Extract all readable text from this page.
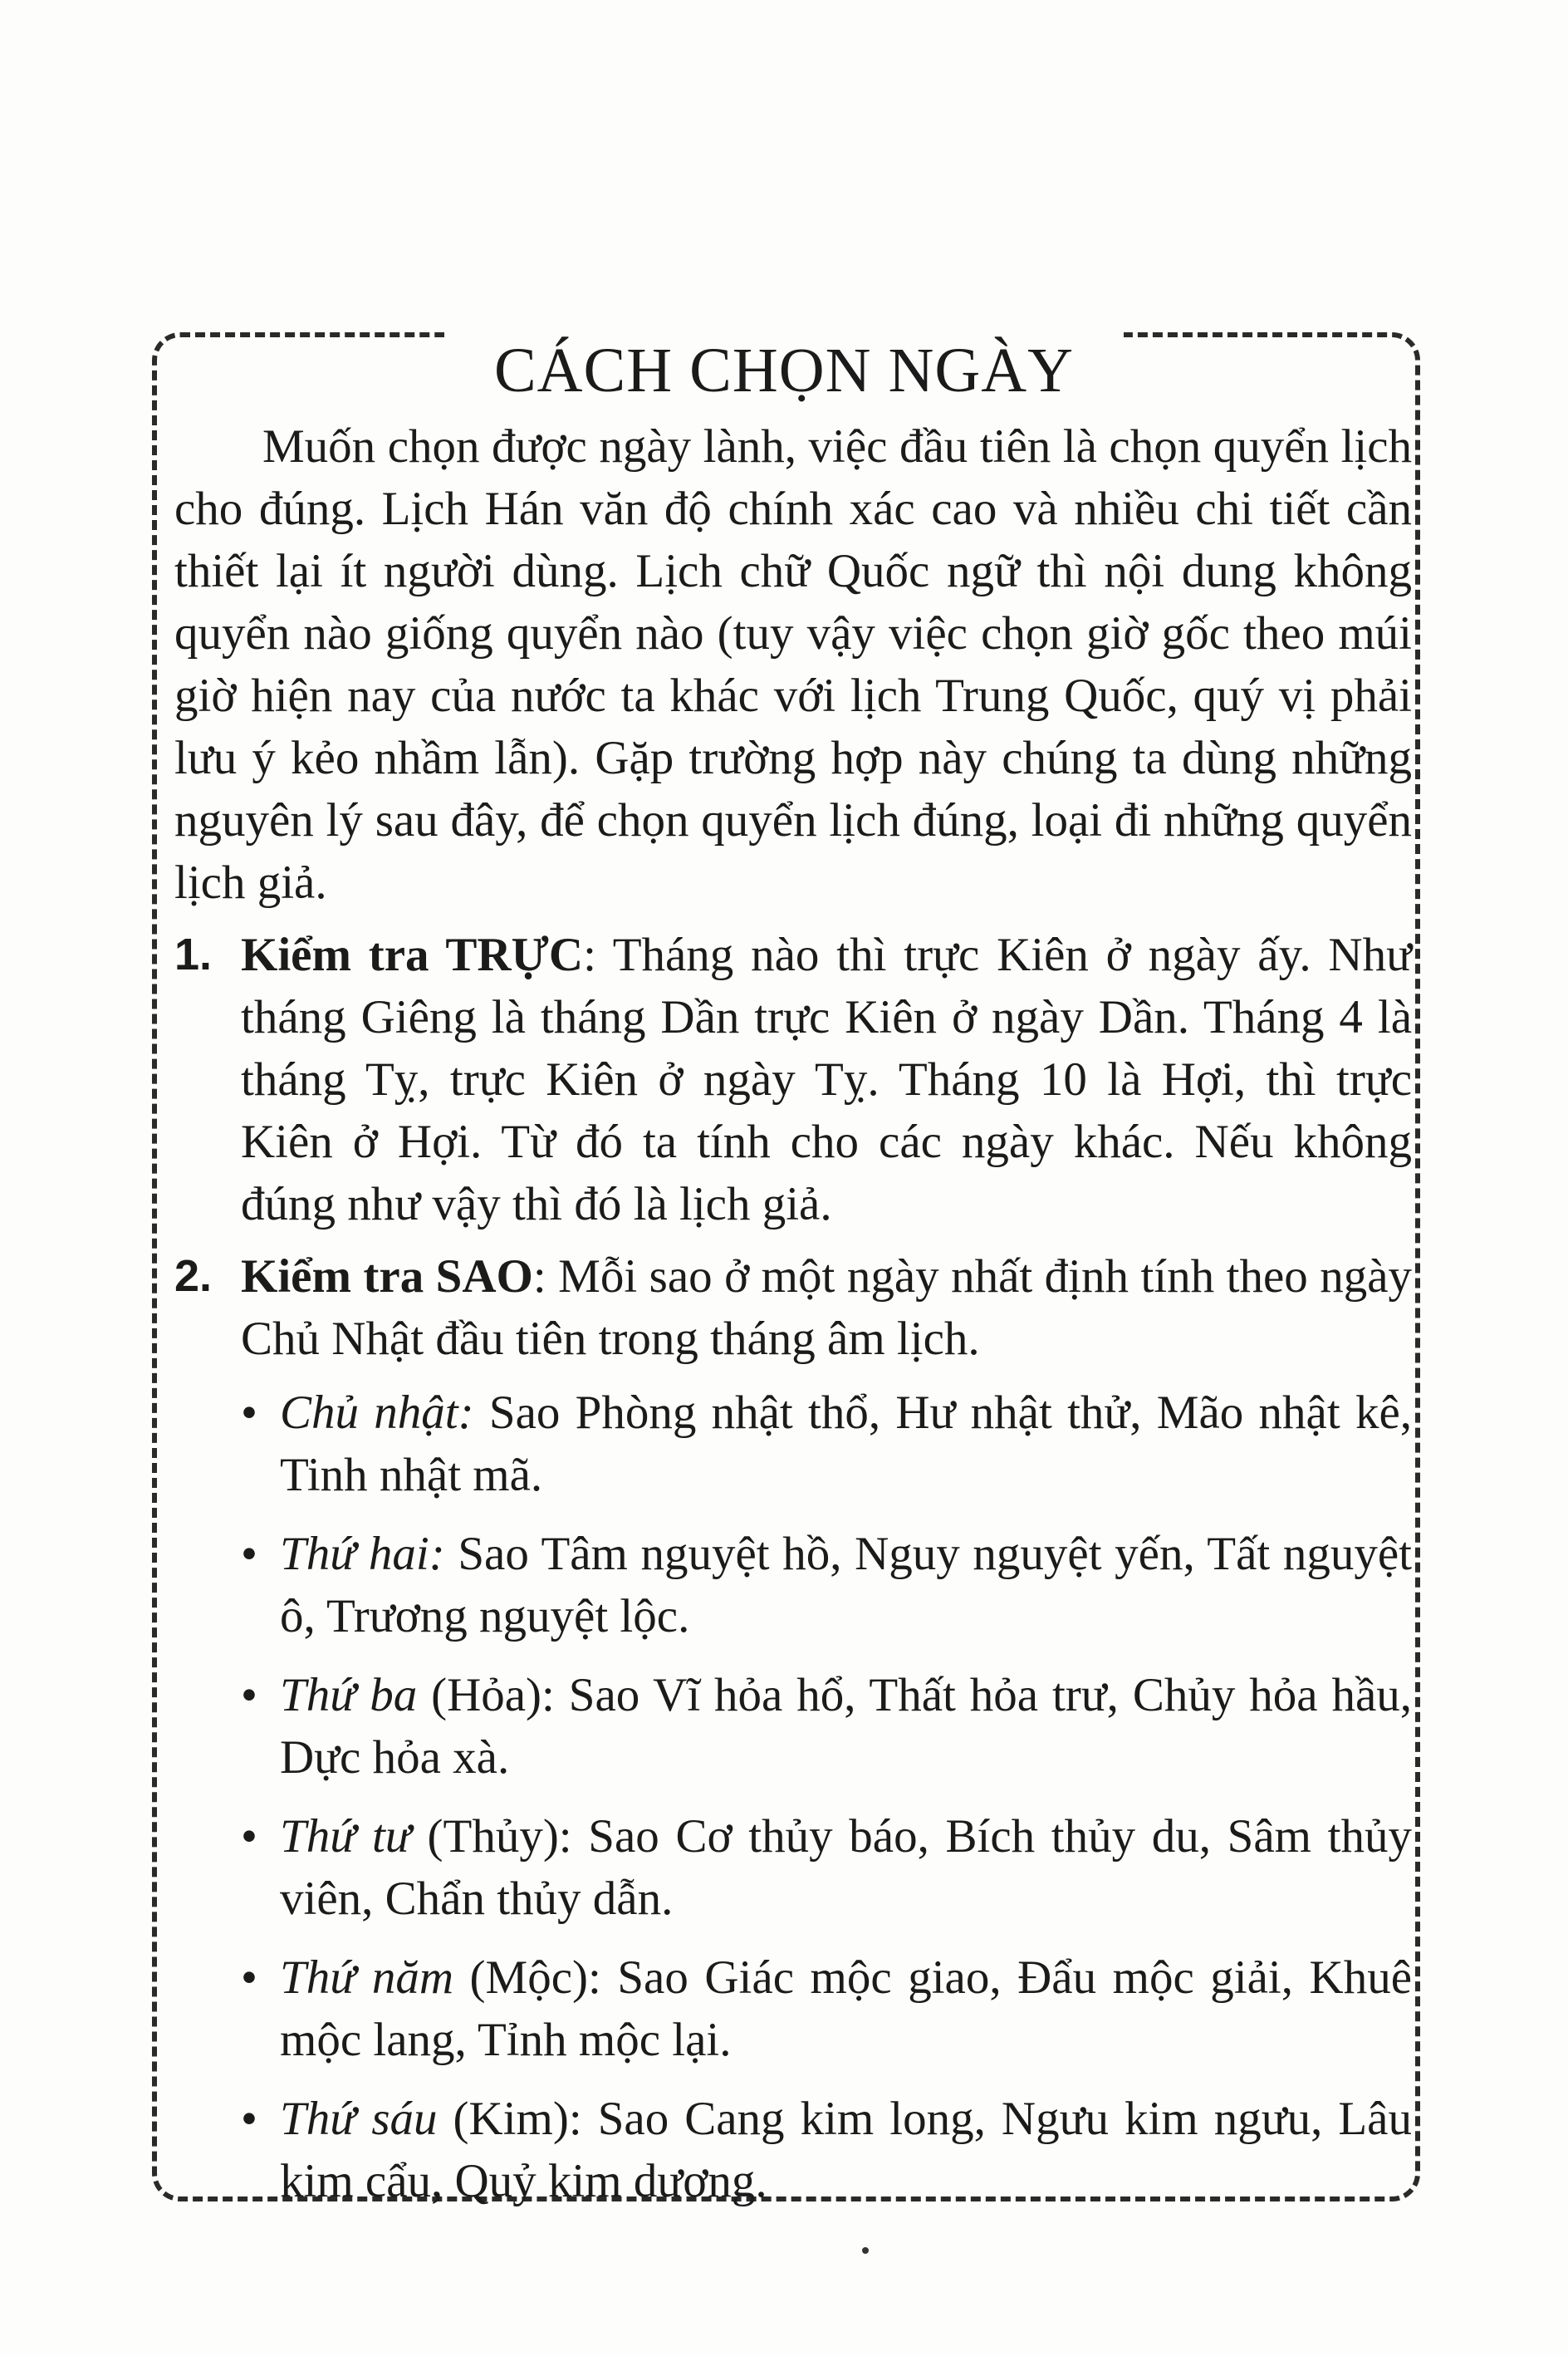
CÁCH CHỌN NGÀY

Muốn chọn được ngày lành, việc đầu tiên là chọn quyển lịch cho đúng. Lịch Hán văn độ chính xác cao và nhiều chi tiết cần thiết lại ít người dùng. Lịch chữ Quốc ngữ thì nội dung không quyển nào giống quyển nào (tuy vậy việc chọn giờ gốc theo múi giờ hiện nay của nước ta khác với lịch Trung Quốc, quý vị phải lưu ý kẻo nhầm lẫn). Gặp trường hợp này chúng ta dùng những nguyên lý sau đây, để chọn quyển lịch đúng, loại đi những quyển lịch giả.

1. Kiểm tra TRỰC: Tháng nào thì trực Kiên ở ngày ấy. Như tháng Giêng là tháng Dần trực Kiên ở ngày Dần. Tháng 4 là tháng Tỵ, trực Kiên ở ngày Tỵ. Tháng 10 là Hợi, thì trực Kiên ở Hợi. Từ đó ta tính cho các ngày khác. Nếu không đúng như vậy thì đó là lịch giả.
2. Kiểm tra SAO: Mỗi sao ở một ngày nhất định tính theo ngày Chủ Nhật đầu tiên trong tháng âm lịch.
• Chủ nhật: Sao Phòng nhật thổ, Hư nhật thử, Mão nhật kê, Tinh nhật mã.
• Thứ hai: Sao Tâm nguyệt hồ, Nguy nguyệt yến, Tất nguyệt ô, Trương nguyệt lộc.
• Thứ ba (Hỏa): Sao Vĩ hỏa hổ, Thất hỏa trư, Chủy hỏa hầu, Dực hỏa xà.
• Thứ tư (Thủy): Sao Cơ thủy báo, Bích thủy du, Sâm thủy viên, Chẩn thủy dẫn.
• Thứ năm (Mộc): Sao Giác mộc giao, Đẩu mộc giải, Khuê mộc lang, Tỉnh mộc lại.
• Thứ sáu (Kim): Sao Cang kim long, Ngưu kim ngưu, Lâu kim cẩu, Quỷ kim dương.
